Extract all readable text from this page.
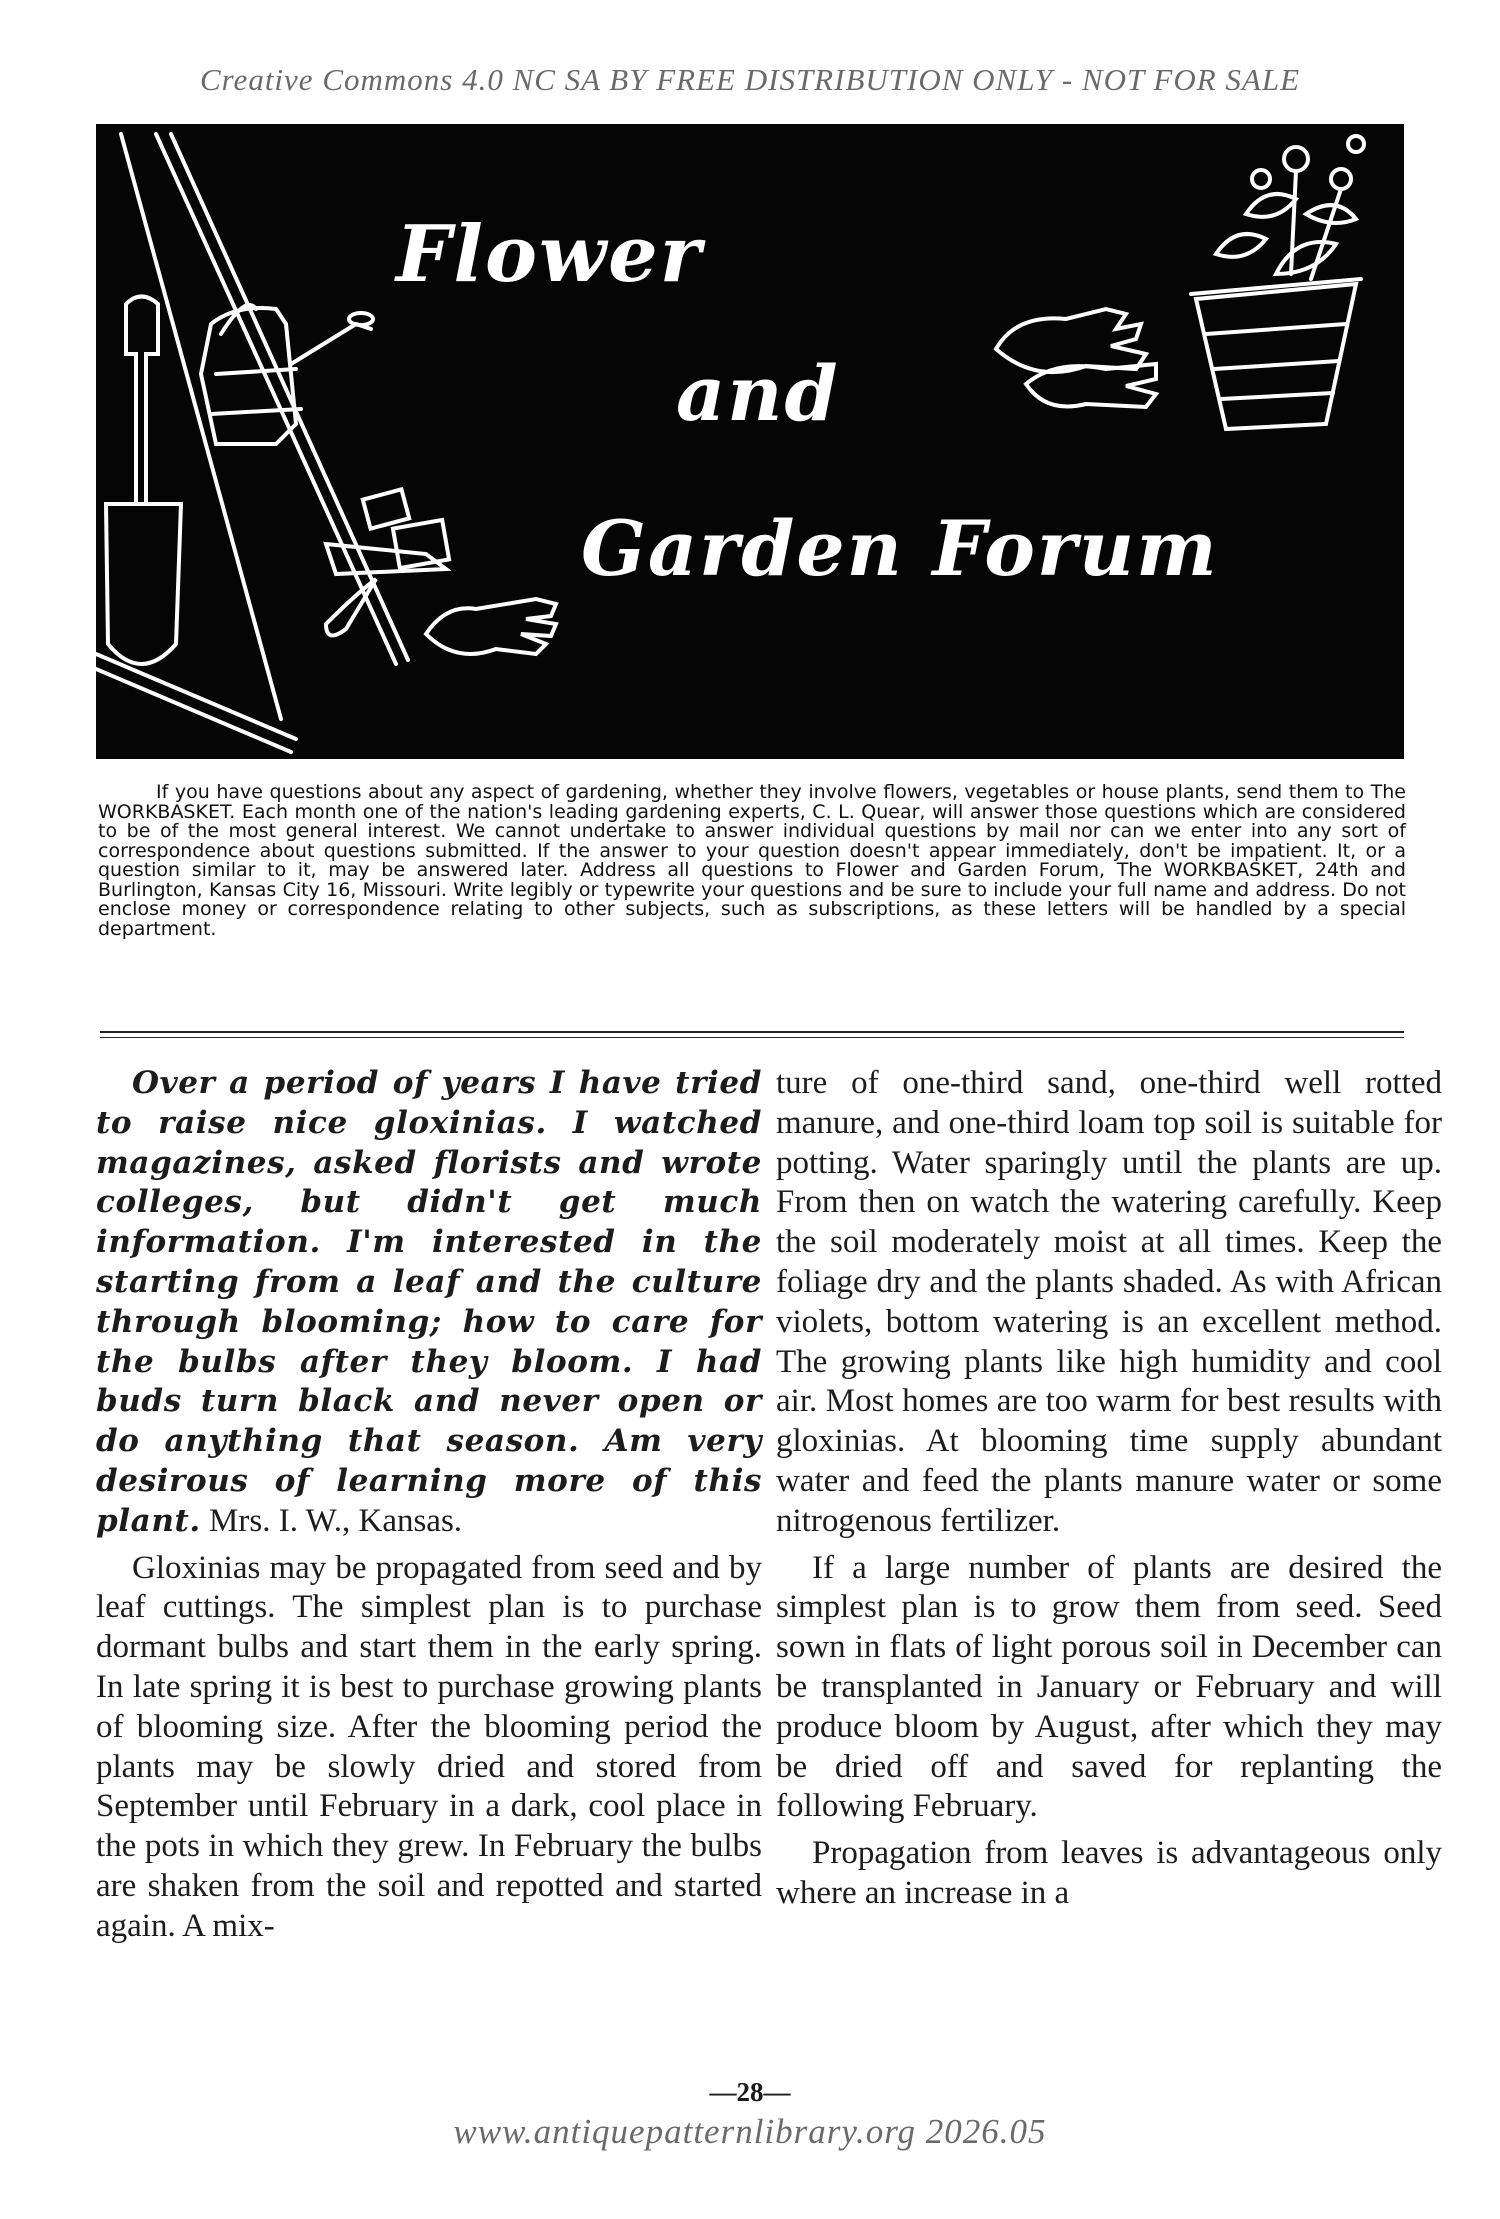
Creative Commons 4.0 NC SA BY FREE DISTRIBUTION ONLY - NOT FOR SALE
Flower
and
Garden Forum
If you have questions about any aspect of gardening, whether they involve flowers, vegetables or house plants, send them to The WORKBASKET. Each month one of the nation's leading gardening experts, C. L. Quear, will answer those questions which are considered to be of the most general interest. We cannot undertake to answer individual questions by mail nor can we enter into any sort of correspondence about questions submitted. If the answer to your question doesn't appear immediately, don't be impatient. It, or a question similar to it, may be answered later. Address all questions to Flower and Garden Forum, The WORKBASKET, 24th and Burlington, Kansas City 16, Missouri. Write legibly or typewrite your questions and be sure to include your full name and address. Do not enclose money or correspondence relating to other subjects, such as subscriptions, as these letters will be handled by a special department.

Over a period of years I have tried to raise nice gloxinias. I watched magazines, asked florists and wrote colleges, but didn't get much information. I'm interested in the starting from a leaf and the culture through blooming; how to care for the bulbs after they bloom. I had buds turn black and never open or do anything that season. Am very desirous of learning more of this plant. Mrs. I. W., Kansas.

Gloxinias may be propagated from seed and by leaf cuttings. The simplest plan is to purchase dormant bulbs and start them in the early spring. In late spring it is best to purchase growing plants of blooming size. After the blooming period the plants may be slowly dried and stored from September until February in a dark, cool place in the pots in which they grew. In February the bulbs are shaken from the soil and repotted and started again. A mix-

ture of one-third sand, one-third well rotted manure, and one-third loam top soil is suitable for potting. Water sparingly until the plants are up. From then on watch the watering carefully. Keep the soil moderately moist at all times. Keep the foliage dry and the plants shaded. As with African violets, bottom watering is an excellent method. The growing plants like high humidity and cool air. Most homes are too warm for best results with gloxinias. At blooming time supply abundant water and feed the plants manure water or some nitrogenous fertilizer.

If a large number of plants are desired the simplest plan is to grow them from seed. Seed sown in flats of light porous soil in December can be transplanted in January or February and will produce bloom by August, after which they may be dried off and saved for replanting the following February.

Propagation from leaves is advantageous only where an increase in a

—28—
www.antiquepatternlibrary.org 2026.05
